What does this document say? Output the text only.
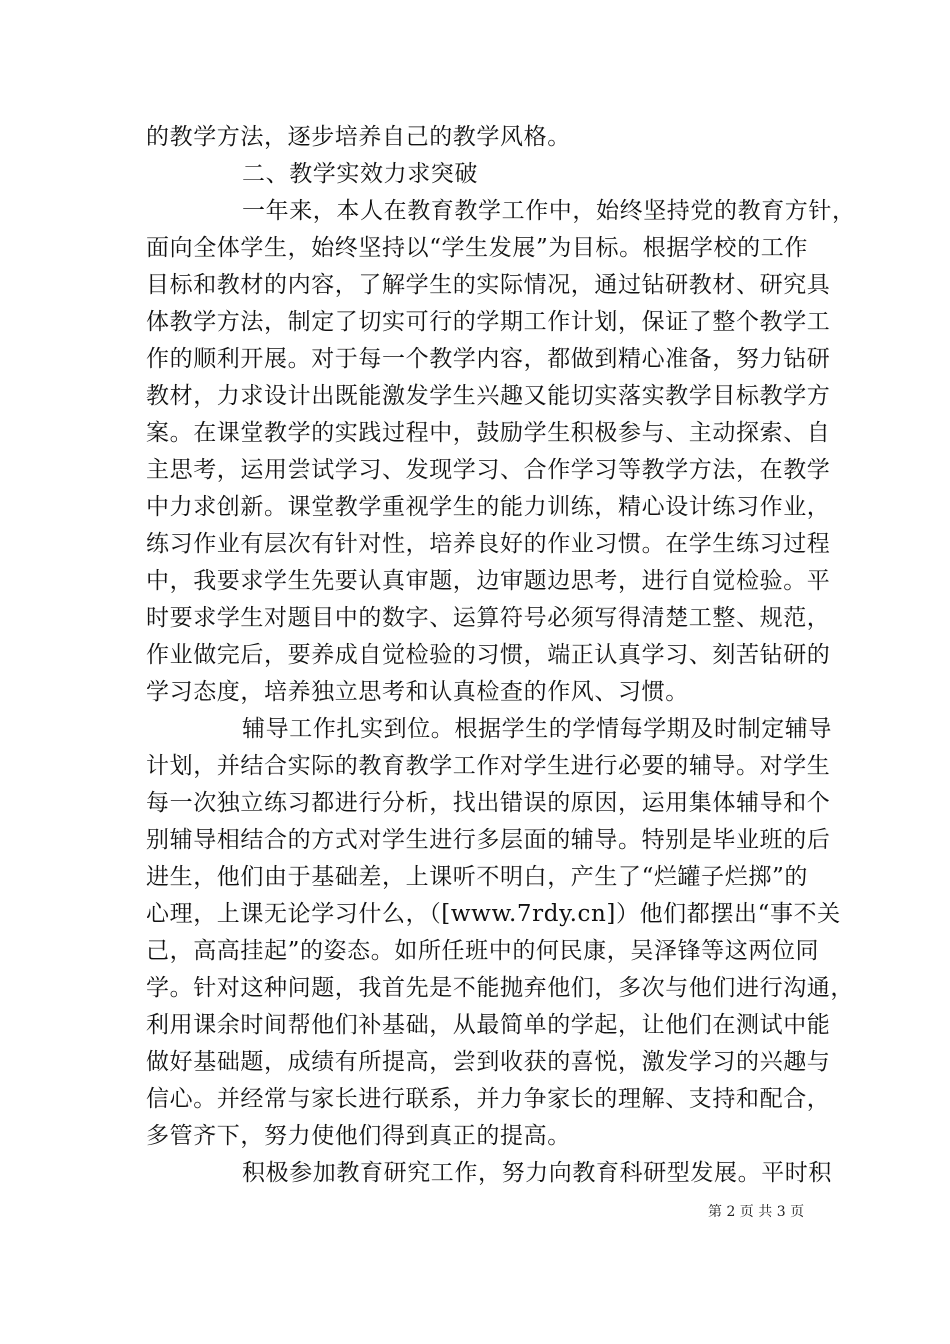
的教学方法，逐步培养自己的教学风格。
二、教学实效力求突破
一年来，本人在教育教学工作中，始终坚持党的教育方针，
面向全体学生，始终坚持以“学生发展”为目标。根据学校的工作
目标和教材的内容，了解学生的实际情况，通过钻研教材、研究具
体教学方法，制定了切实可行的学期工作计划，保证了整个教学工
作的顺利开展。对于每一个教学内容，都做到精心准备，努力钻研
教材，力求设计出既能激发学生兴趣又能切实落实教学目标教学方
案。在课堂教学的实践过程中，鼓励学生积极参与、主动探索、自
主思考，运用尝试学习、发现学习、合作学习等教学方法，在教学
中力求创新。课堂教学重视学生的能力训练，精心设计练习作业，
练习作业有层次有针对性，培养良好的作业习惯。在学生练习过程
中，我要求学生先要认真审题，边审题边思考，进行自觉检验。平
时要求学生对题目中的数字、运算符号必须写得清楚工整、规范，
作业做完后，要养成自觉检验的习惯，端正认真学习、刻苦钻研的
学习态度，培养独立思考和认真检查的作风、习惯。
辅导工作扎实到位。根据学生的学情每学期及时制定辅导
计划，并结合实际的教育教学工作对学生进行必要的辅导。对学生
每一次独立练习都进行分析，找出错误的原因，运用集体辅导和个
别辅导相结合的方式对学生进行多层面的辅导。特别是毕业班的后
进生，他们由于基础差，上课听不明白，产生了“烂罐子烂掷”的
心理，上课无论学习什么，（[www.7rdy.cn]）他们都摆出“事不关
己，高高挂起”的姿态。如所任班中的何民康，吴泽锋等这两位同
学。针对这种问题，我首先是不能抛弃他们，多次与他们进行沟通，
利用课余时间帮他们补基础，从最简单的学起，让他们在测试中能
做好基础题，成绩有所提高，尝到收获的喜悦，激发学习的兴趣与
信心。并经常与家长进行联系，并力争家长的理解、支持和配合，
多管齐下，努力使他们得到真正的提高。
积极参加教育研究工作，努力向教育科研型发展。平时积
第 2 页 共 3 页
